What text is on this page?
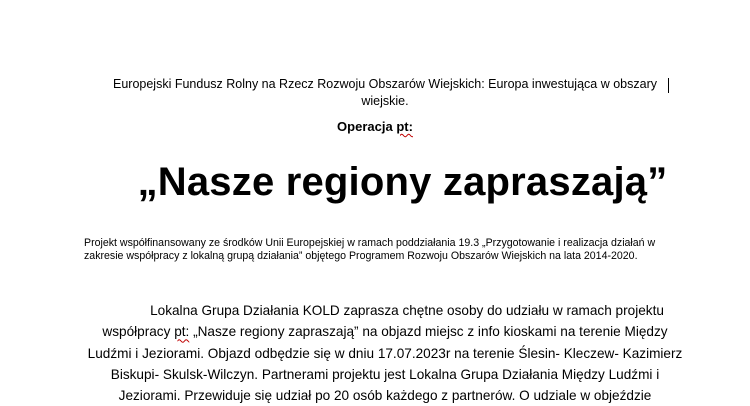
Europejski Fundusz Rolny na Rzecz Rozwoju Obszarów Wiejskich: Europa inwestująca w obszary wiejskie.
Operacja pt:
„Nasze regiony zapraszają”
Projekt współfinansowany ze środków Unii Europejskiej w ramach poddziałania 19.3 „Przygotowanie i realizacja działań w zakresie współpracy z lokalną grupą działania” objętego Programem Rozwoju Obszarów Wiejskich na lata 2014-2020.
Lokalna Grupa Działania KOLD zaprasza chętne osoby do udziału w ramach projektu współpracy pt: „Nasze regiony zapraszają” na objazd miejsc z info kioskami na terenie Między Ludźmi i Jeziorami. Objazd odbędzie się w dniu 17.07.2023r na terenie Ślesin- Kleczew- Kazimierz Biskupi- Skulsk-Wilczyn. Partnerami projektu jest Lokalna Grupa Działania Między Ludźmi i Jeziorami. Przewiduje się udział po 20 osób każdego z partnerów. O udziale w objeździe
